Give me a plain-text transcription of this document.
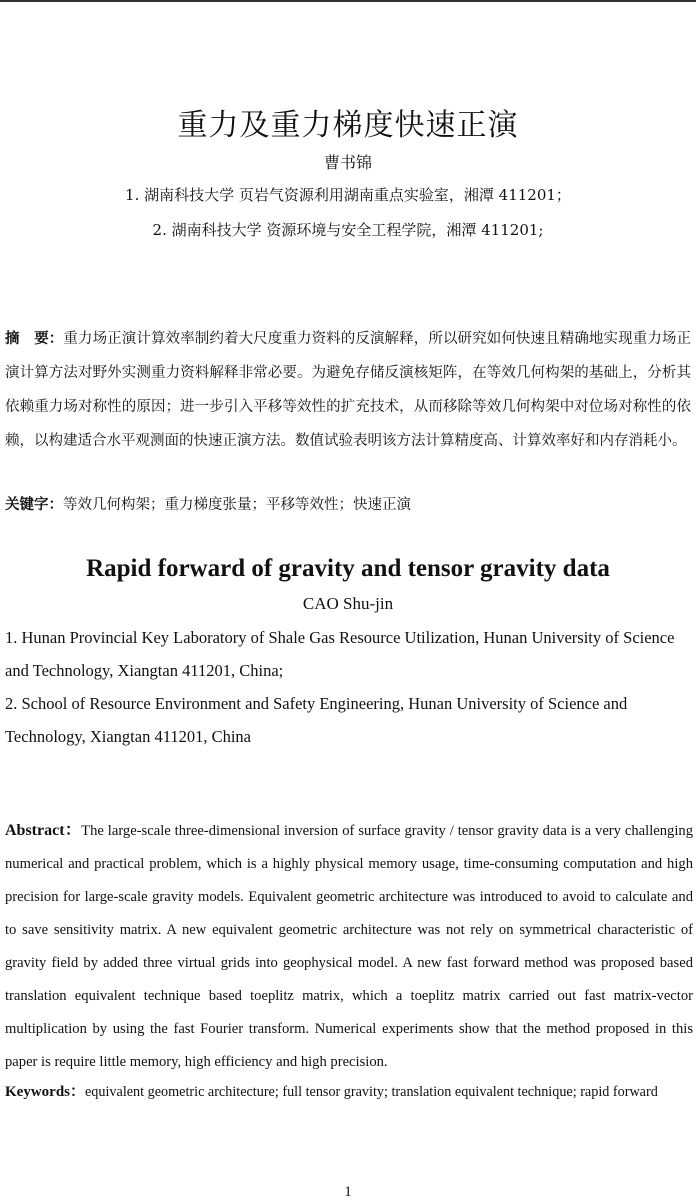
重力及重力梯度快速正演
曹书锦
1. 湖南科技大学 页岩气资源利用湖南重点实验室，湘潭 411201；
2. 湖南科技大学 资源环境与安全工程学院，湘潭 411201;
摘　要：重力场正演计算效率制约着大尺度重力资料的反演解释，所以研究如何快速且精确地实现重力场正演计算方法对野外实测重力资料解释非常必要。为避免存储反演核矩阵，在等效几何构架的基础上，分析其依赖重力场对称性的原因；进一步引入平移等效性的扩充技术，从而移除等效几何构架中对位场对称性的依赖，以构建适合水平观测面的快速正演方法。数值试验表明该方法计算精度高、计算效率好和内存消耗小。
关键字：等效几何构架；重力梯度张量；平移等效性；快速正演
Rapid forward of gravity and tensor gravity data
CAO Shu-jin
1. Hunan Provincial Key Laboratory of Shale Gas Resource Utilization, Hunan University of Science and Technology, Xiangtan 411201, China;
2. School of Resource Environment and Safety Engineering, Hunan University of Science and Technology, Xiangtan 411201, China
Abstract：The large-scale three-dimensional inversion of surface gravity / tensor gravity data is a very challenging numerical and practical problem, which is a highly physical memory usage, time-consuming computation and high precision for large-scale gravity models. Equivalent geometric architecture was introduced to avoid to calculate and to save sensitivity matrix. A new equivalent geometric architecture was not rely on symmetrical characteristic of gravity field by added three virtual grids into geophysical model. A new fast forward method was proposed based translation equivalent technique based toeplitz matrix, which a toeplitz matrix carried out fast matrix-vector multiplication by using the fast Fourier transform. Numerical experiments show that the method proposed in this paper is require little memory, high efficiency and high precision.
Keywords：equivalent geometric architecture; full tensor gravity; translation equivalent technique; rapid forward
1
